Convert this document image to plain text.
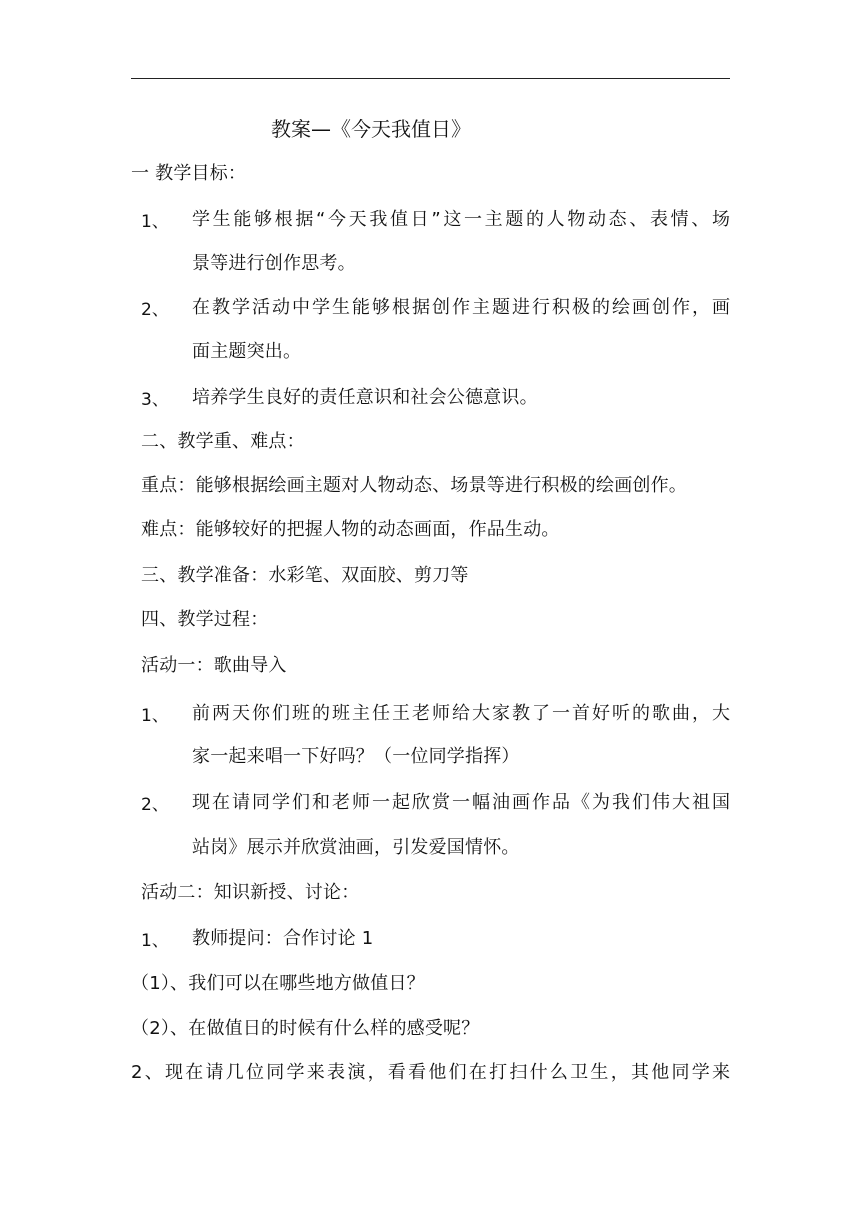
教案—《今天我值日》
一 教学目标：
1、 学生能够根据“今天我值日”这一主题的人物动态、表情、场
景等进行创作思考。
2、 在教学活动中学生能够根据创作主题进行积极的绘画创作，画
面主题突出。
3、 培养学生良好的责任意识和社会公德意识。
二、教学重、难点：
重点：能够根据绘画主题对人物动态、场景等进行积极的绘画创作。
难点：能够较好的把握人物的动态画面，作品生动。
三、教学准备：水彩笔、双面胶、剪刀等
四、教学过程：
活动一：歌曲导入
1、 前两天你们班的班主任王老师给大家教了一首好听的歌曲，大
家一起来唱一下好吗？（一位同学指挥）
2、 现在请同学们和老师一起欣赏一幅油画作品《为我们伟大祖国
站岗》展示并欣赏油画，引发爱国情怀。
活动二：知识新授、讨论：
1、 教师提问：合作讨论 1
（1）、我们可以在哪些地方做值日？
（2）、在做值日的时候有什么样的感受呢？
2、现在请几位同学来表演，看看他们在打扫什么卫生，其他同学来
